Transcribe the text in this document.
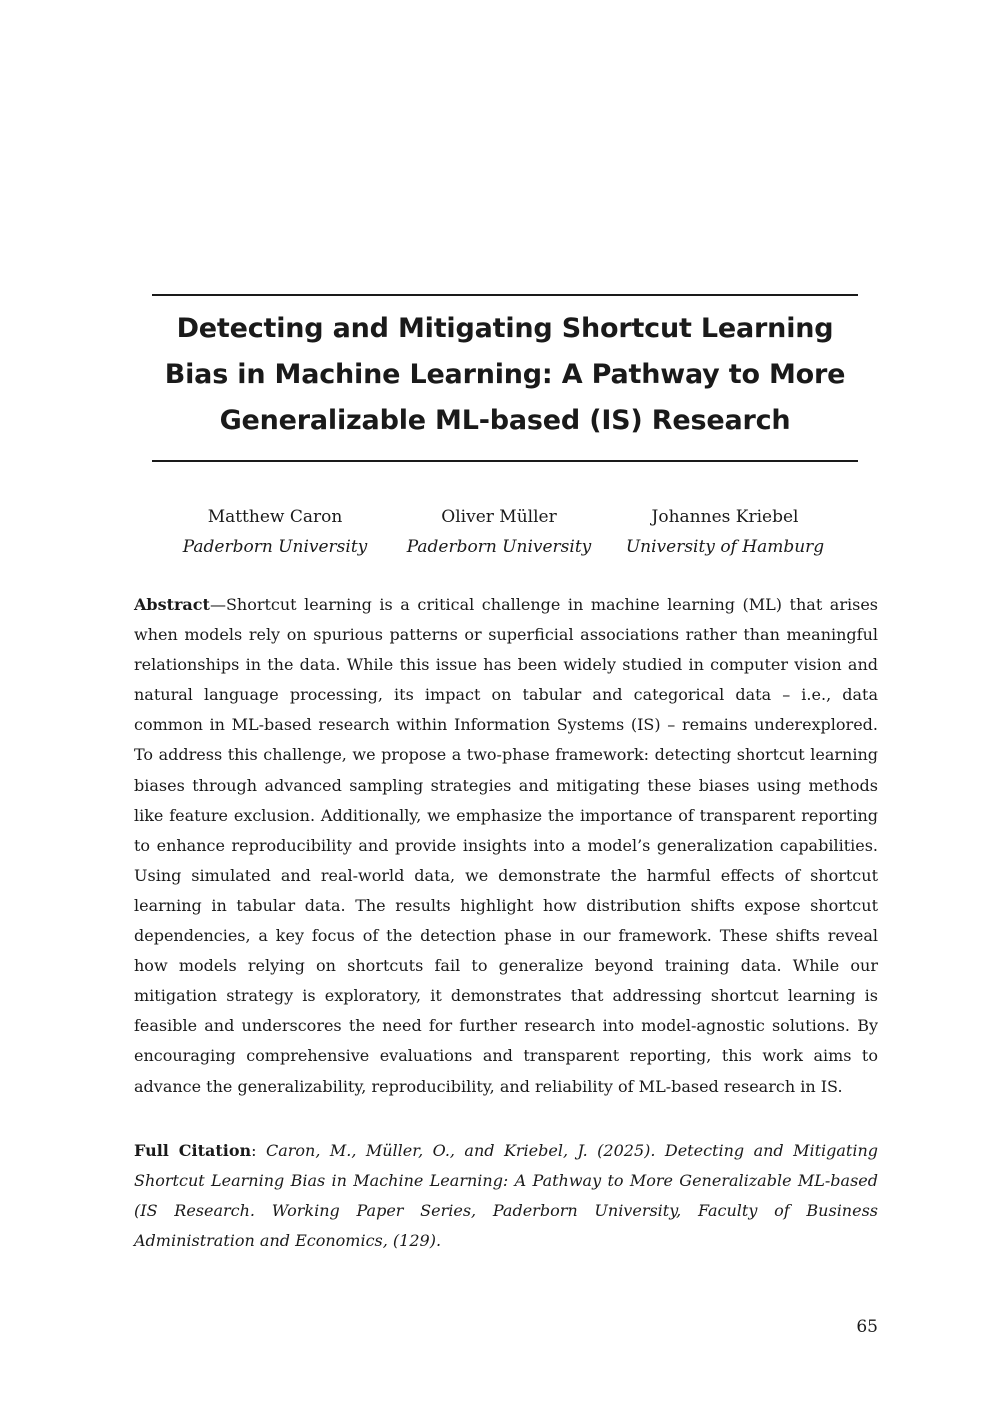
Detecting and Mitigating Shortcut Learning
Bias in Machine Learning: A Pathway to More
Generalizable ML-based (IS) Research
Matthew Caron
Paderborn University
Oliver Müller
Paderborn University
Johannes Kriebel
University of Hamburg

Abstract—Shortcut learning is a critical challenge in machine learning (ML) that arises when models rely on spurious patterns or superficial associations rather than meaningful relationships in the data. While this issue has been widely studied in computer vision and natural language processing, its impact on tabular and categorical data – i.e., data common in ML-based research within Information Systems (IS) – remains underexplored. To address this challenge, we propose a two-phase framework: detecting shortcut learning biases through advanced sampling strategies and mitigating these biases using methods like feature exclusion. Additionally, we emphasize the importance of transparent reporting to enhance reproducibility and provide insights into a model’s generalization capabilities. Using simulated and real-world data, we demonstrate the harmful effects of shortcut learning in tabular data. The results highlight how distribution shifts expose shortcut dependencies, a key focus of the detection phase in our framework. These shifts reveal how models relying on shortcuts fail to generalize beyond training data. While our mitigation strategy is exploratory, it demonstrates that addressing shortcut learning is feasible and underscores the need for further research into model-agnostic solutions. By encouraging comprehensive evaluations and transparent reporting, this work aims to advance the generalizability, reproducibility, and reliability of ML-based research in IS.

Full Citation: Caron, M., Müller, O., and Kriebel, J. (2025). Detecting and Mitigating Shortcut Learning Bias in Machine Learning: A Pathway to More Generalizable ML-based (IS Research. Working Paper Series, Paderborn University, Faculty of Business Administration and Economics, (129).

65
